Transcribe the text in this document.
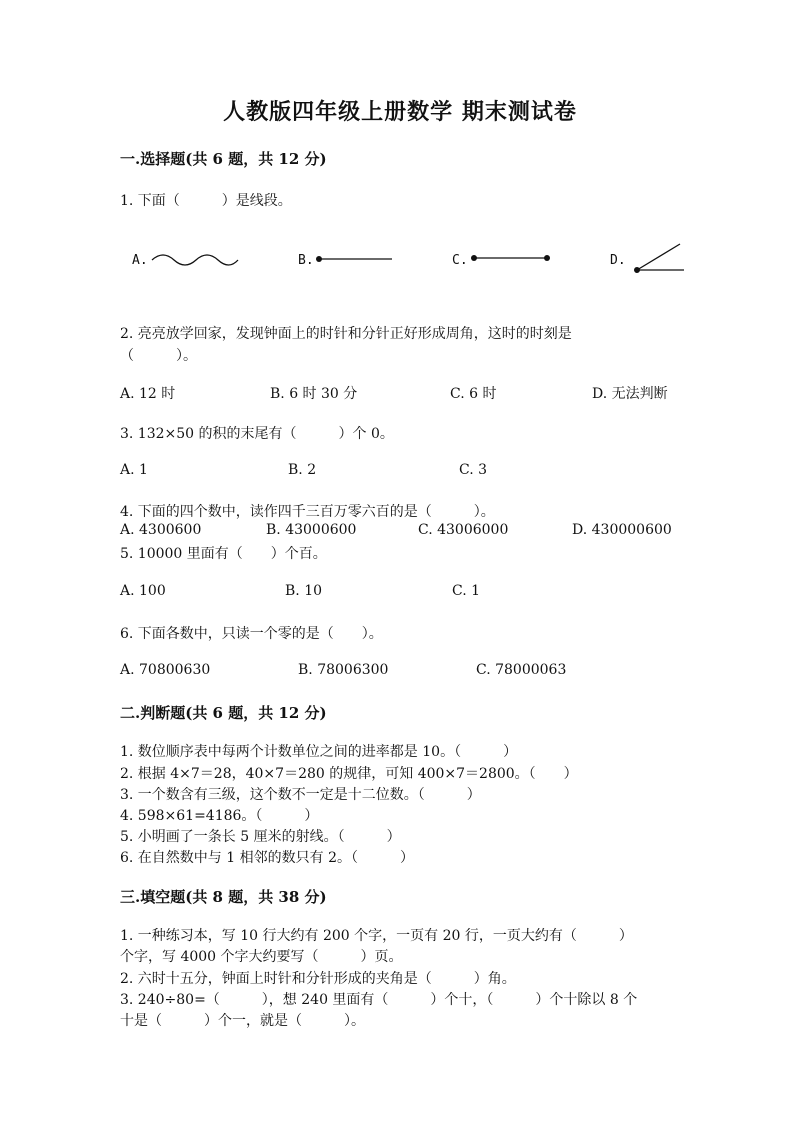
人教版四年级上册数学 期末测试卷
一.选择题(共 6 题，共 12 分)
1. 下面（　　　）是线段。
A.	B.	C.	D.
2. 亮亮放学回家，发现钟面上的时针和分针正好形成周角，这时的时刻是
（　　　）。
A. 12 时	B. 6 时 30 分	C. 6 时	D. 无法判断
3. 132×50 的积的末尾有（　　　）个 0。
A. 1	B. 2	C. 3
4. 下面的四个数中，读作四千三百万零六百的是（　　　）。
A. 4300600	B. 43000600	C. 43006000	D. 430000600
5. 10000 里面有（　　）个百。
A. 100	B. 10	C. 1
6. 下面各数中，只读一个零的是（　　）。
A. 70800630	B. 78006300	C. 78000063
二.判断题(共 6 题，共 12 分)
1. 数位顺序表中每两个计数单位之间的进率都是 10。（　　　）
2. 根据 4×7＝28，40×7＝280 的规律，可知 400×7＝2800。（　　）
3. 一个数含有三级，这个数不一定是十二位数。（　　　）
4. 598×61=4186。（　　　）
5. 小明画了一条长 5 厘米的射线。（　　　）
6. 在自然数中与 1 相邻的数只有 2。（　　　）
三.填空题(共 8 题，共 38 分)
1. 一种练习本，写 10 行大约有 200 个字，一页有 20 行，一页大约有（　　　）
个字，写 4000 个字大约要写（　　　）页。
2. 六时十五分，钟面上时针和分针形成的夹角是（　　　）角。
3. 240÷80=（　　　），想 240 里面有（　　　）个十，（　　　）个十除以 8 个
十是（　　　）个一，就是（　　　）。
